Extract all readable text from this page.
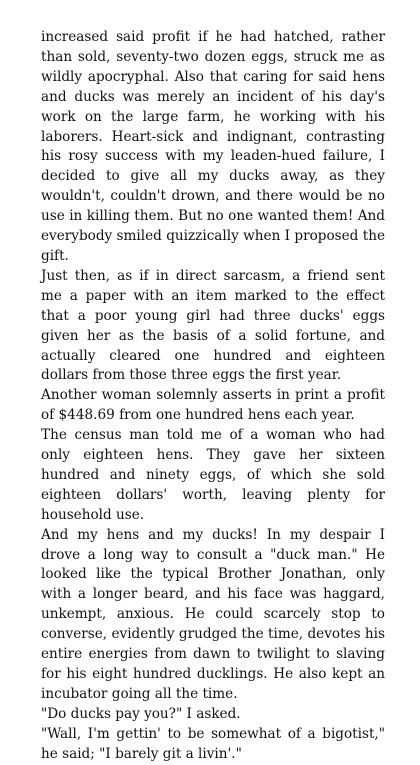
increased said profit if he had hatched, rather than sold, seventy-two dozen eggs, struck me as wildly apocryphal. Also that caring for said hens and ducks was merely an incident of his day's work on the large farm, he working with his laborers. Heart-sick and indignant, contrasting his rosy success with my leaden-hued failure, I decided to give all my ducks away, as they wouldn't, couldn't drown, and there would be no use in killing them. But no one wanted them! And everybody smiled quizzically when I proposed the gift.

Just then, as if in direct sarcasm, a friend sent me a paper with an item marked to the effect that a poor young girl had three ducks' eggs given her as the basis of a solid fortune, and actually cleared one hundred and eighteen dollars from those three eggs the first year.

Another woman solemnly asserts in print a profit of $448.69 from one hundred hens each year.

The census man told me of a woman who had only eighteen hens. They gave her sixteen hundred and ninety eggs, of which she sold eighteen dollars' worth, leaving plenty for household use.

And my hens and my ducks! In my despair I drove a long way to consult a "duck man." He looked like the typical Brother Jonathan, only with a longer beard, and his face was haggard, unkempt, anxious. He could scarcely stop to converse, evidently grudged the time, devotes his entire energies from dawn to twilight to slaving for his eight hundred ducklings. He also kept an incubator going all the time.

"Do ducks pay you?" I asked.

"Wall, I'm gettin' to be somewhat of a bigotist," he said; "I barely git a livin'."
